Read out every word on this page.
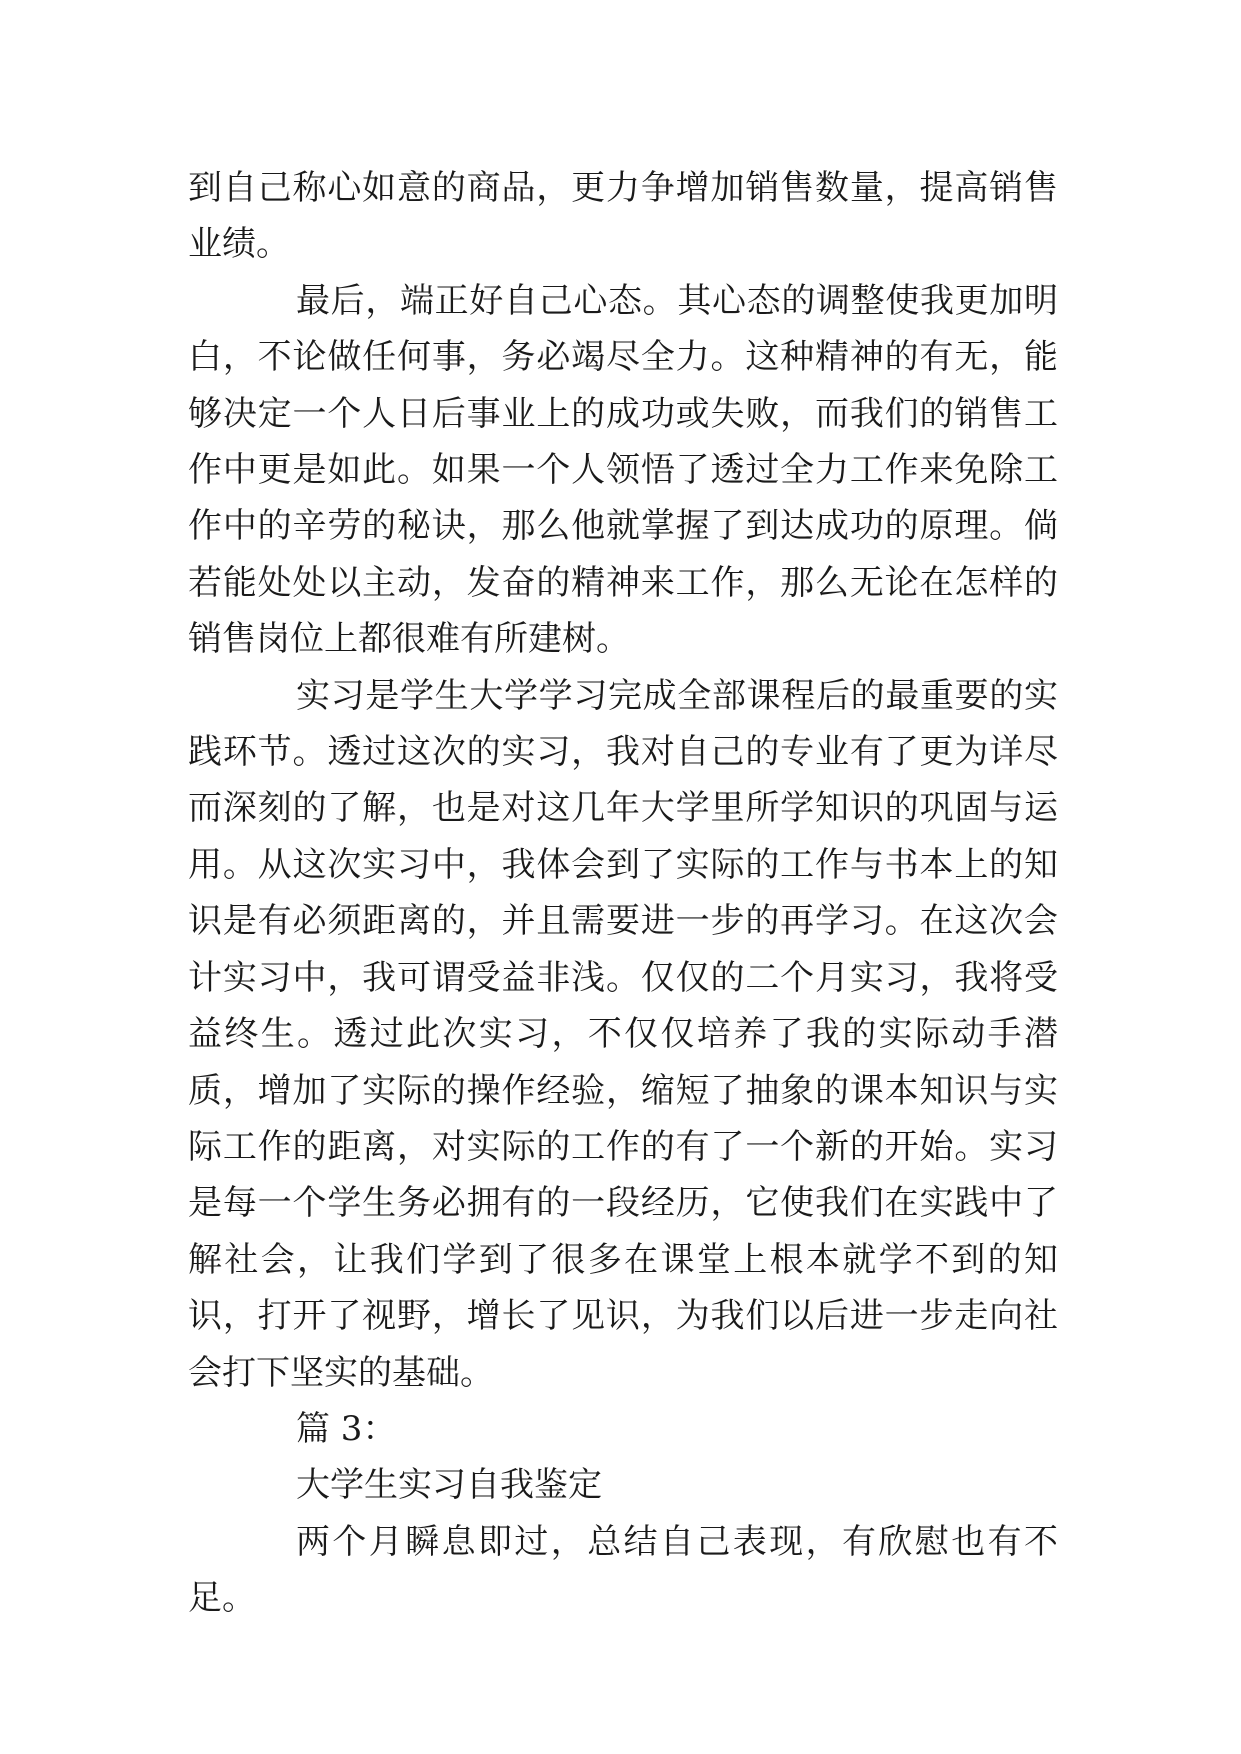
到自己称心如意的商品，更力争增加销售数量，提高销售业绩。

最后，端正好自己心态。其心态的调整使我更加明白，不论做任何事，务必竭尽全力。这种精神的有无，能够决定一个人日后事业上的成功或失败，而我们的销售工作中更是如此。如果一个人领悟了透过全力工作来免除工作中的辛劳的秘诀，那么他就掌握了到达成功的原理。倘若能处处以主动，发奋的精神来工作，那么无论在怎样的销售岗位上都很难有所建树。

实习是学生大学学习完成全部课程后的最重要的实践环节。透过这次的实习，我对自己的专业有了更为详尽而深刻的了解，也是对这几年大学里所学知识的巩固与运用。从这次实习中，我体会到了实际的工作与书本上的知识是有必须距离的，并且需要进一步的再学习。在这次会计实习中，我可谓受益非浅。仅仅的二个月实习，我将受益终生。透过此次实习，不仅仅培养了我的实际动手潜质，增加了实际的操作经验，缩短了抽象的课本知识与实际工作的距离，对实际的工作的有了一个新的开始。实习是每一个学生务必拥有的一段经历，它使我们在实践中了解社会，让我们学到了很多在课堂上根本就学不到的知识，打开了视野，增长了见识，为我们以后进一步走向社会打下坚实的基础。

篇 3：

大学生实习自我鉴定

两个月瞬息即过，总结自己表现，有欣慰也有不足。
